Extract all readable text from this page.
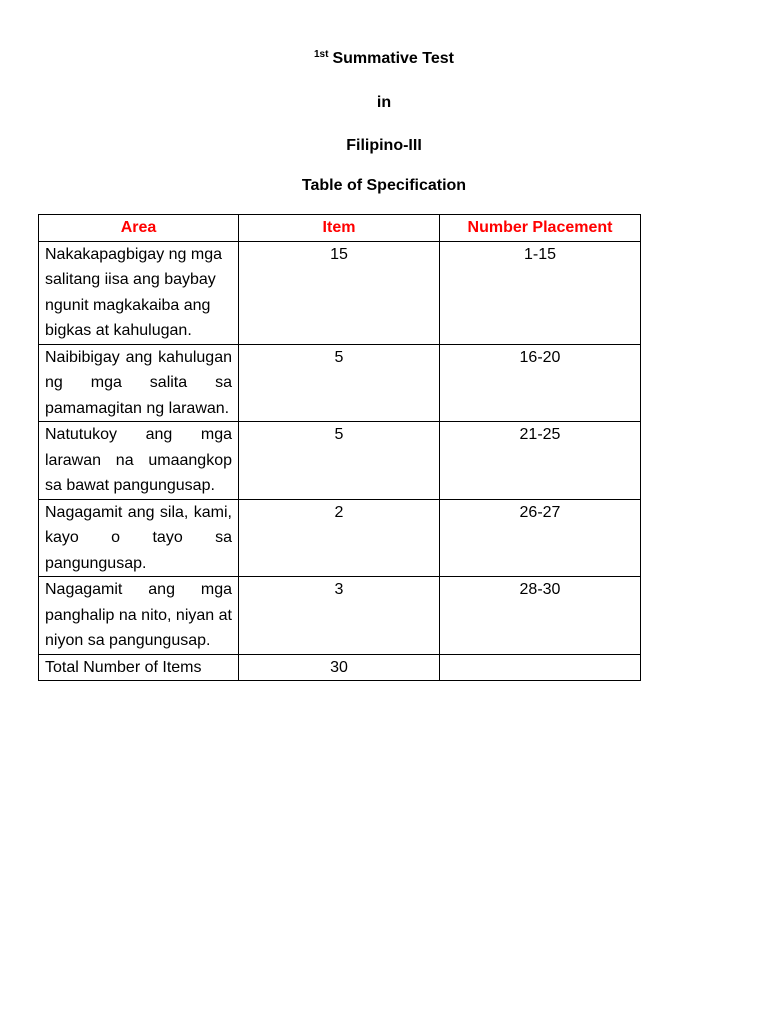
$^{1st}$ Summative Test
in
Filipino-III
Table of Specification
Area	Item	Number Placement
Nakakapagbigay ng mga salitang iisa ang baybay ngunit magkakaiba ang bigkas at kahulugan.	15	1-15
Naibibigay ang kahulugan ng mga salita sa pamamagitan ng larawan.	5	16-20
Natutukoy ang mga larawan na umaangkop sa bawat pangungusap.	5	21-25
Nagagamit ang sila, kami, kayo o tayo sa pangungusap.	2	26-27
Nagagamit ang mga panghalip na nito, niyan at niyon sa pangungusap.	3	28-30
Total Number of Items	30	
